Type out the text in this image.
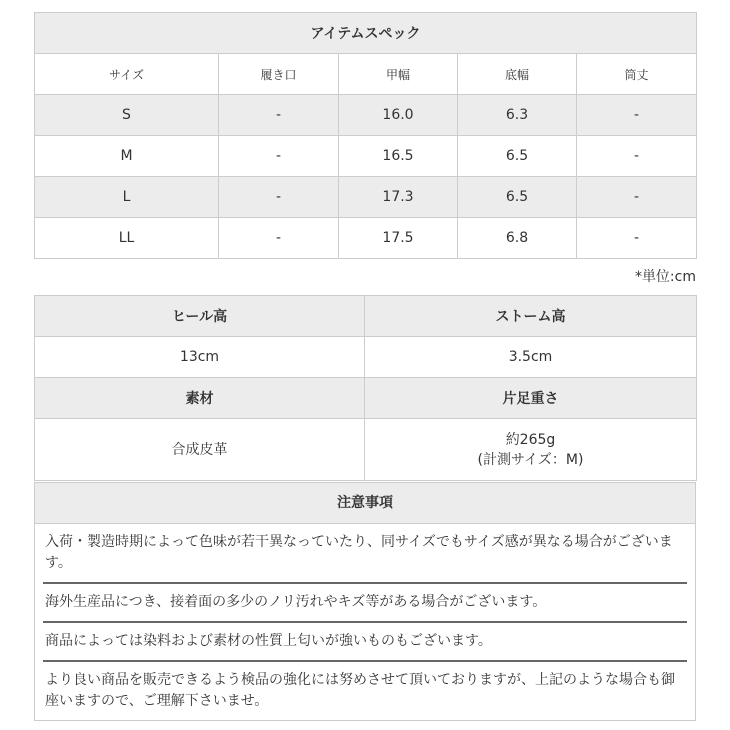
アイテムスペック				
サイズ	履き口	甲幅	底幅	筒丈
S	-	16.0	6.3	-
M	-	16.5	6.5	-
L	-	17.3	6.5	-
LL	-	17.5	6.8	-
*単位:cm
ヒール高	ストーム高
13cm	3.5cm
素材	片足重さ
合成皮革	約265g
(計測サイズ：M)
注意事項
入荷・製造時期によって色味が若干異なっていたり、同サイズでもサイズ感が異なる場合がございます。
海外生産品につき、接着面の多少のノリ汚れやキズ等がある場合がございます。
商品によっては染料および素材の性質上匂いが強いものもございます。
より良い商品を販売できるよう検品の強化には努めさせて頂いておりますが、上記のような場合も御座いますので、ご理解下さいませ。
